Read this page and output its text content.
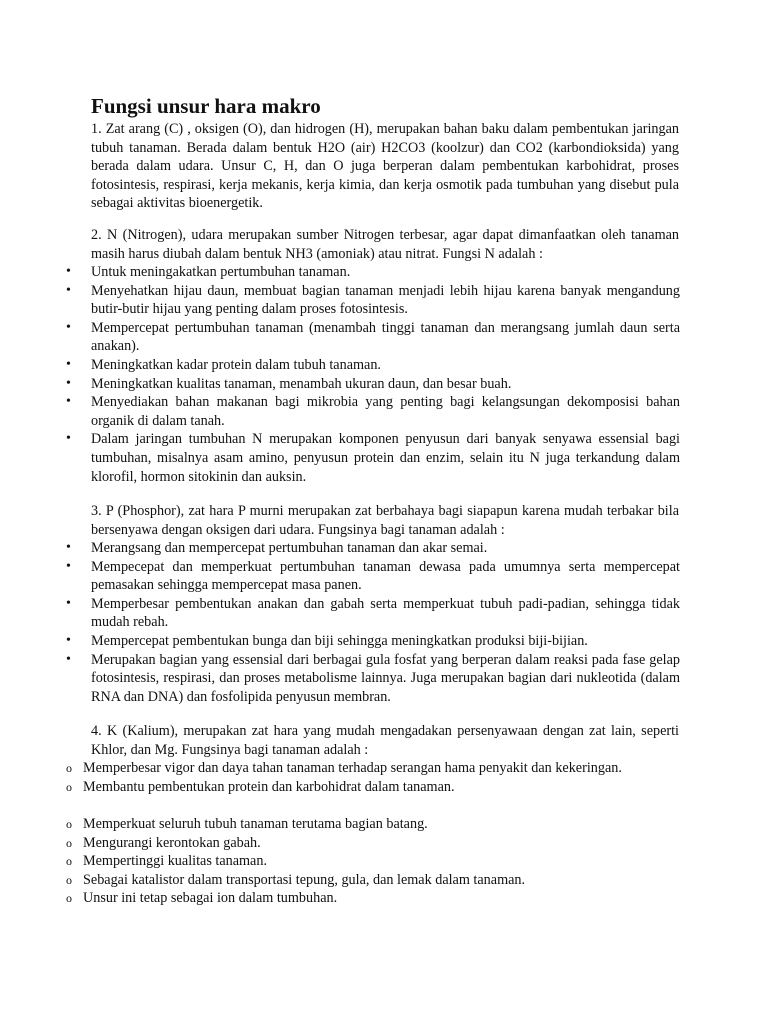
Fungsi unsur hara makro

1. Zat arang (C) , oksigen (O), dan hidrogen (H), merupakan bahan baku dalam pembentukan jaringan tubuh tanaman. Berada dalam bentuk H2O (air) H2CO3 (koolzur) dan CO2 (karbondioksida) yang berada dalam udara. Unsur C, H, dan O juga berperan dalam pembentukan karbohidrat, proses fotosintesis, respirasi, kerja mekanis, kerja kimia, dan kerja osmotik pada tumbuhan yang disebut pula sebagai aktivitas bioenergetik.

2. N (Nitrogen), udara merupakan sumber Nitrogen terbesar, agar dapat dimanfaatkan oleh tanaman masih harus diubah dalam bentuk NH3 (amoniak) atau nitrat. Fungsi N adalah :

• Untuk meningakatkan pertumbuhan tanaman.
• Menyehatkan hijau daun, membuat bagian tanaman menjadi lebih hijau karena banyak mengandung butir-butir hijau yang penting dalam proses fotosintesis.
• Mempercepat pertumbuhan tanaman (menambah tinggi tanaman dan merangsang jumlah daun serta anakan).
• Meningkatkan kadar protein dalam tubuh tanaman.
• Meningkatkan kualitas tanaman, menambah ukuran daun, dan besar buah.
• Menyediakan bahan makanan bagi mikrobia yang penting bagi kelangsungan dekomposisi bahan organik di dalam tanah.
• Dalam jaringan tumbuhan N merupakan komponen penyusun dari banyak senyawa essensial bagi tumbuhan, misalnya asam amino, penyusun protein dan enzim, selain itu N juga terkandung dalam klorofil, hormon sitokinin dan auksin.

3. P (Phosphor), zat hara P murni merupakan zat berbahaya bagi siapapun karena mudah terbakar bila bersenyawa dengan oksigen dari udara. Fungsinya bagi tanaman adalah :

• Merangsang dan mempercepat pertumbuhan tanaman dan akar semai.
• Mempecepat dan memperkuat pertumbuhan tanaman dewasa pada umumnya serta mempercepat pemasakan sehingga mempercepat masa panen.
• Memperbesar pembentukan anakan dan gabah serta memperkuat tubuh padi-padian, sehingga tidak mudah rebah.
• Mempercepat pembentukan bunga dan biji sehingga meningkatkan produksi biji-bijian.
• Merupakan bagian yang essensial dari berbagai gula fosfat yang berperan dalam reaksi pada fase gelap fotosintesis, respirasi, dan proses metabolisme lainnya. Juga merupakan bagian dari nukleotida (dalam RNA dan DNA) dan fosfolipida penyusun membran.

4. K (Kalium), merupakan zat hara yang mudah mengadakan persenyawaan dengan zat lain, seperti Khlor, dan Mg. Fungsinya bagi tanaman adalah :

o Memperbesar vigor dan daya tahan tanaman terhadap serangan hama penyakit dan kekeringan.
o Membantu pembentukan protein dan karbohidrat dalam tanaman.
o Memperkuat seluruh tubuh tanaman terutama bagian batang.
o Mengurangi kerontokan gabah.
o Mempertinggi kualitas tanaman.
o Sebagai katalistor dalam transportasi tepung, gula, dan lemak dalam tanaman.
o Unsur ini tetap sebagai ion dalam tumbuhan.
